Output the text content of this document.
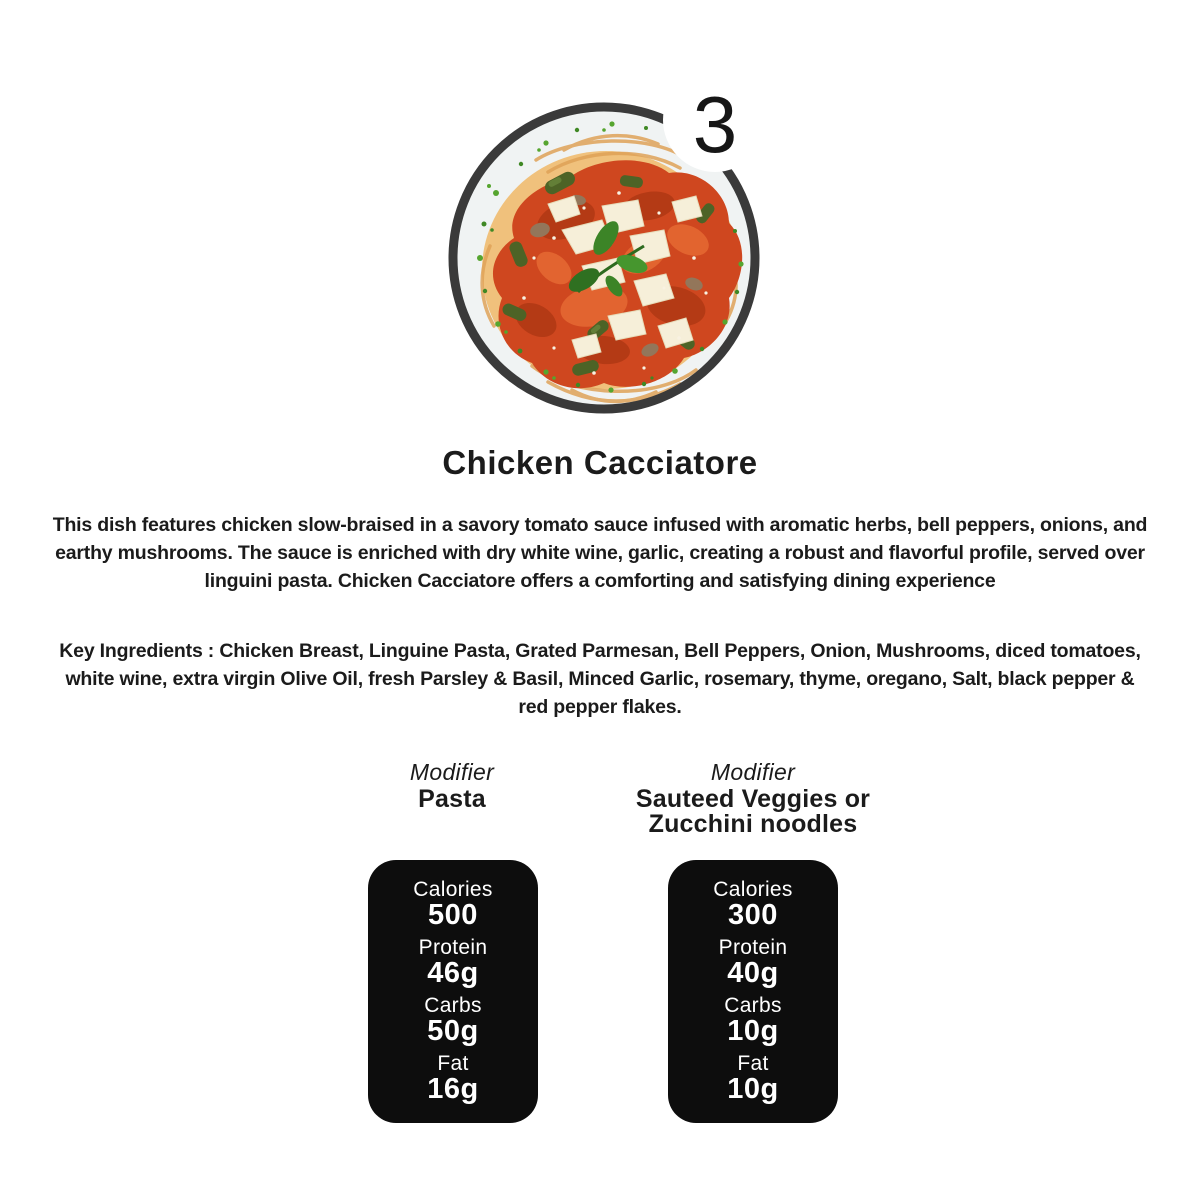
3
Chicken Cacciatore

This dish features chicken slow-braised in a savory tomato sauce infused with aromatic herbs, bell peppers, onions, and earthy mushrooms. The sauce is enriched with dry white wine, garlic, creating a robust and flavorful profile, served over linguini pasta. Chicken Cacciatore offers a comforting and satisfying dining experience

Key Ingredients : Chicken Breast, Linguine Pasta, Grated Parmesan, Bell Peppers, Onion, Mushrooms, diced tomatoes, white wine, extra virgin Olive Oil, fresh Parsley & Basil, Minced Garlic, rosemary, thyme, oregano, Salt, black pepper & red pepper flakes.

Modifier
Pasta
Modifier
Sauteed Veggies or Zucchini noodles
Calories
500
Protein
46g
Carbs
50g
Fat
16g
Calories
300
Protein
40g
Carbs
10g
Fat
10g
